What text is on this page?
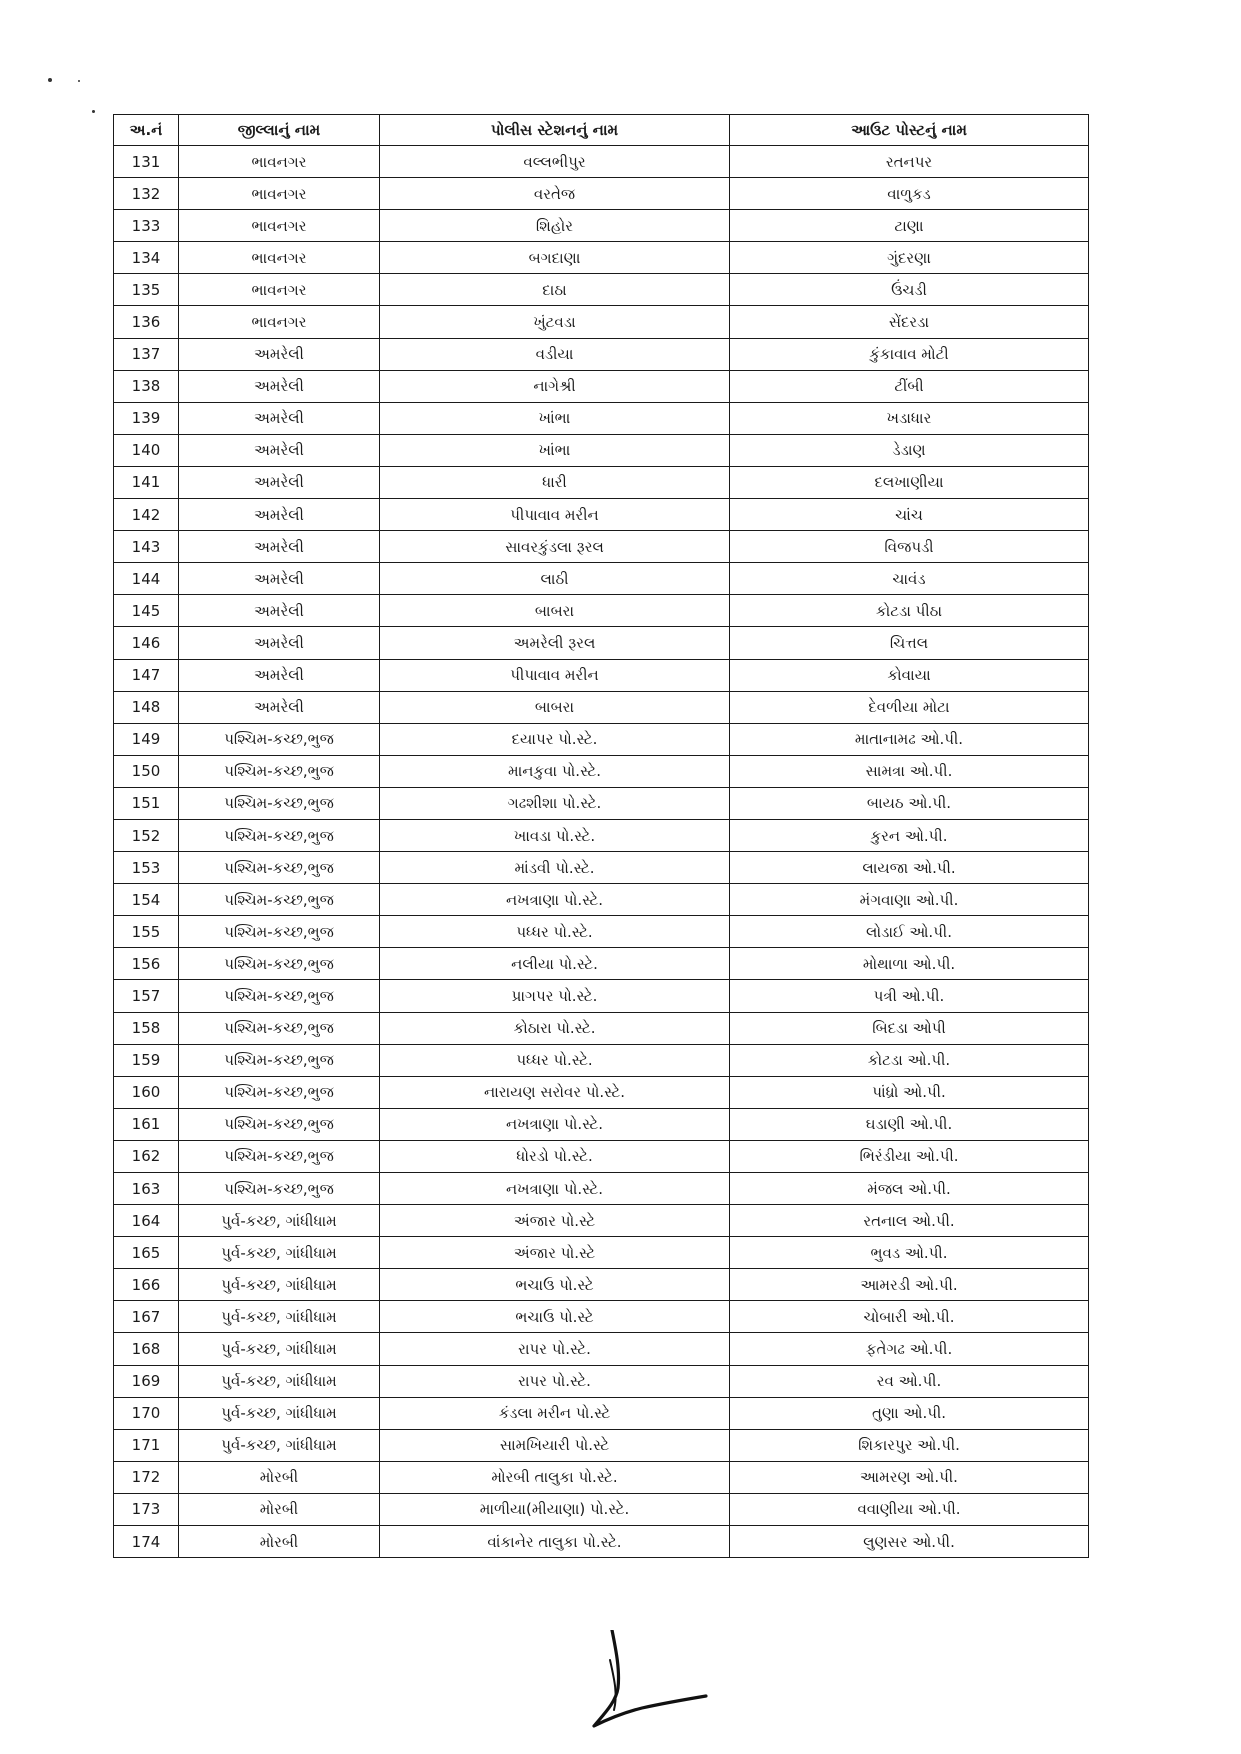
અ.નં	જીલ્લાનું નામ	પોલીસ સ્ટેશનનું નામ	આઉટ પોસ્ટનું નામ
131	ભાવનગર	વલ્લભીપુર	રતનપર
132	ભાવનગર	વરતેજ	વાળુકડ
133	ભાવનગર	શિહોર	ટાણા
134	ભાવનગર	બગદાણા	ગુંદરણા
135	ભાવનગર	દાઠા	ઉંચડી
136	ભાવનગર	ખુંટવડા	સેંદરડા
137	અમરેલી	વડીયા	કુંકાવાવ મોટી
138	અમરેલી	નાગેશ્રી	ટીંબી
139	અમરેલી	ખાંભા	ખડાધાર
140	અમરેલી	ખાંભા	ડેડાણ
141	અમરેલી	ધારી	દલખાણીયા
142	અમરેલી	પીપાવાવ મરીન	ચાંચ
143	અમરેલી	સાવરકુંડલા રૂરલ	વિજપડી
144	અમરેલી	લાઠી	ચાવંડ
145	અમરેલી	બાબરા	કોટડા પીઠા
146	અમરેલી	અમરેલી રૂરલ	ચિત્તલ
147	અમરેલી	પીપાવાવ મરીન	કોવાયા
148	અમરેલી	બાબરા	દેવળીયા મોટા
149	પશ્ચિમ-કચ્છ,ભુજ	દયાપર પો.સ્ટે.	માતાનામઢ ઓ.પી.
150	પશ્ચિમ-કચ્છ,ભુજ	માનકુવા પો.સ્ટે.	સામત્રા ઓ.પી.
151	પશ્ચિમ-કચ્છ,ભુજ	ગઢશીશા પો.સ્ટે.	બાયઠ ઓ.પી.
152	પશ્ચિમ-કચ્છ,ભુજ	ખાવડા પો.સ્ટે.	કુરન ઓ.પી.
153	પશ્ચિમ-કચ્છ,ભુજ	માંડવી પો.સ્ટે.	લાયજા ઓ.પી.
154	પશ્ચિમ-કચ્છ,ભુજ	નખત્રાણા પો.સ્ટે.	મંગવાણા ઓ.પી.
155	પશ્ચિમ-કચ્છ,ભુજ	પધ્ધર પો.સ્ટે.	લોડાઈ ઓ.પી.
156	પશ્ચિમ-કચ્છ,ભુજ	નલીયા પો.સ્ટે.	મોથાળા ઓ.પી.
157	પશ્ચિમ-કચ્છ,ભુજ	પ્રાગપર પો.સ્ટે.	પત્રી ઓ.પી.
158	પશ્ચિમ-કચ્છ,ભુજ	કોઠારા પો.સ્ટે.	બિદડા ઓપી
159	પશ્ચિમ-કચ્છ,ભુજ	પધ્ધર પો.સ્ટે.	કોટડા ઓ.પી.
160	પશ્ચિમ-કચ્છ,ભુજ	નારાયણ સરોવર પો.સ્ટે.	પાંધ્રો ઓ.પી.
161	પશ્ચિમ-કચ્છ,ભુજ	નખત્રાણા પો.સ્ટે.	ઘડાણી ઓ.પી.
162	પશ્ચિમ-કચ્છ,ભુજ	ધોરડો પો.સ્ટે.	ભિરંડીયા ઓ.પી.
163	પશ્ચિમ-કચ્છ,ભુજ	નખત્રાણા પો.સ્ટે.	મંજલ ઓ.પી.
164	પુર્વ-કચ્છ, ગાંધીધામ	અંજાર પો.સ્ટે	રતનાલ ઓ.પી.
165	પુર્વ-કચ્છ, ગાંધીધામ	અંજાર પો.સ્ટે	ભુવડ ઓ.પી.
166	પુર્વ-કચ્છ, ગાંધીધામ	ભચાઉ પો.સ્ટે	આમરડી ઓ.પી.
167	પુર્વ-કચ્છ, ગાંધીધામ	ભચાઉ પો.સ્ટે	ચોબારી ઓ.પી.
168	પુર્વ-કચ્છ, ગાંધીધામ	રાપર પો.સ્ટે.	ફતેગઢ ઓ.પી.
169	પુર્વ-કચ્છ, ગાંધીધામ	રાપર પો.સ્ટે.	રવ ઓ.પી.
170	પુર્વ-કચ્છ, ગાંધીધામ	કંડલા મરીન પો.સ્ટે	તુણા ઓ.પી.
171	પુર્વ-કચ્છ, ગાંધીધામ	સામખિયારી પો.સ્ટે	શિકારપુર ઓ.પી.
172	મોરબી	મોરબી તાલુકા પો.સ્ટે.	આમરણ ઓ.પી.
173	મોરબી	માળીયા(મીયાણા) પો.સ્ટે.	વવાણીયા ઓ.પી.
174	મોરબી	વાંકાનેર તાલુકા પો.સ્ટે.	લુણસર ઓ.પી.
